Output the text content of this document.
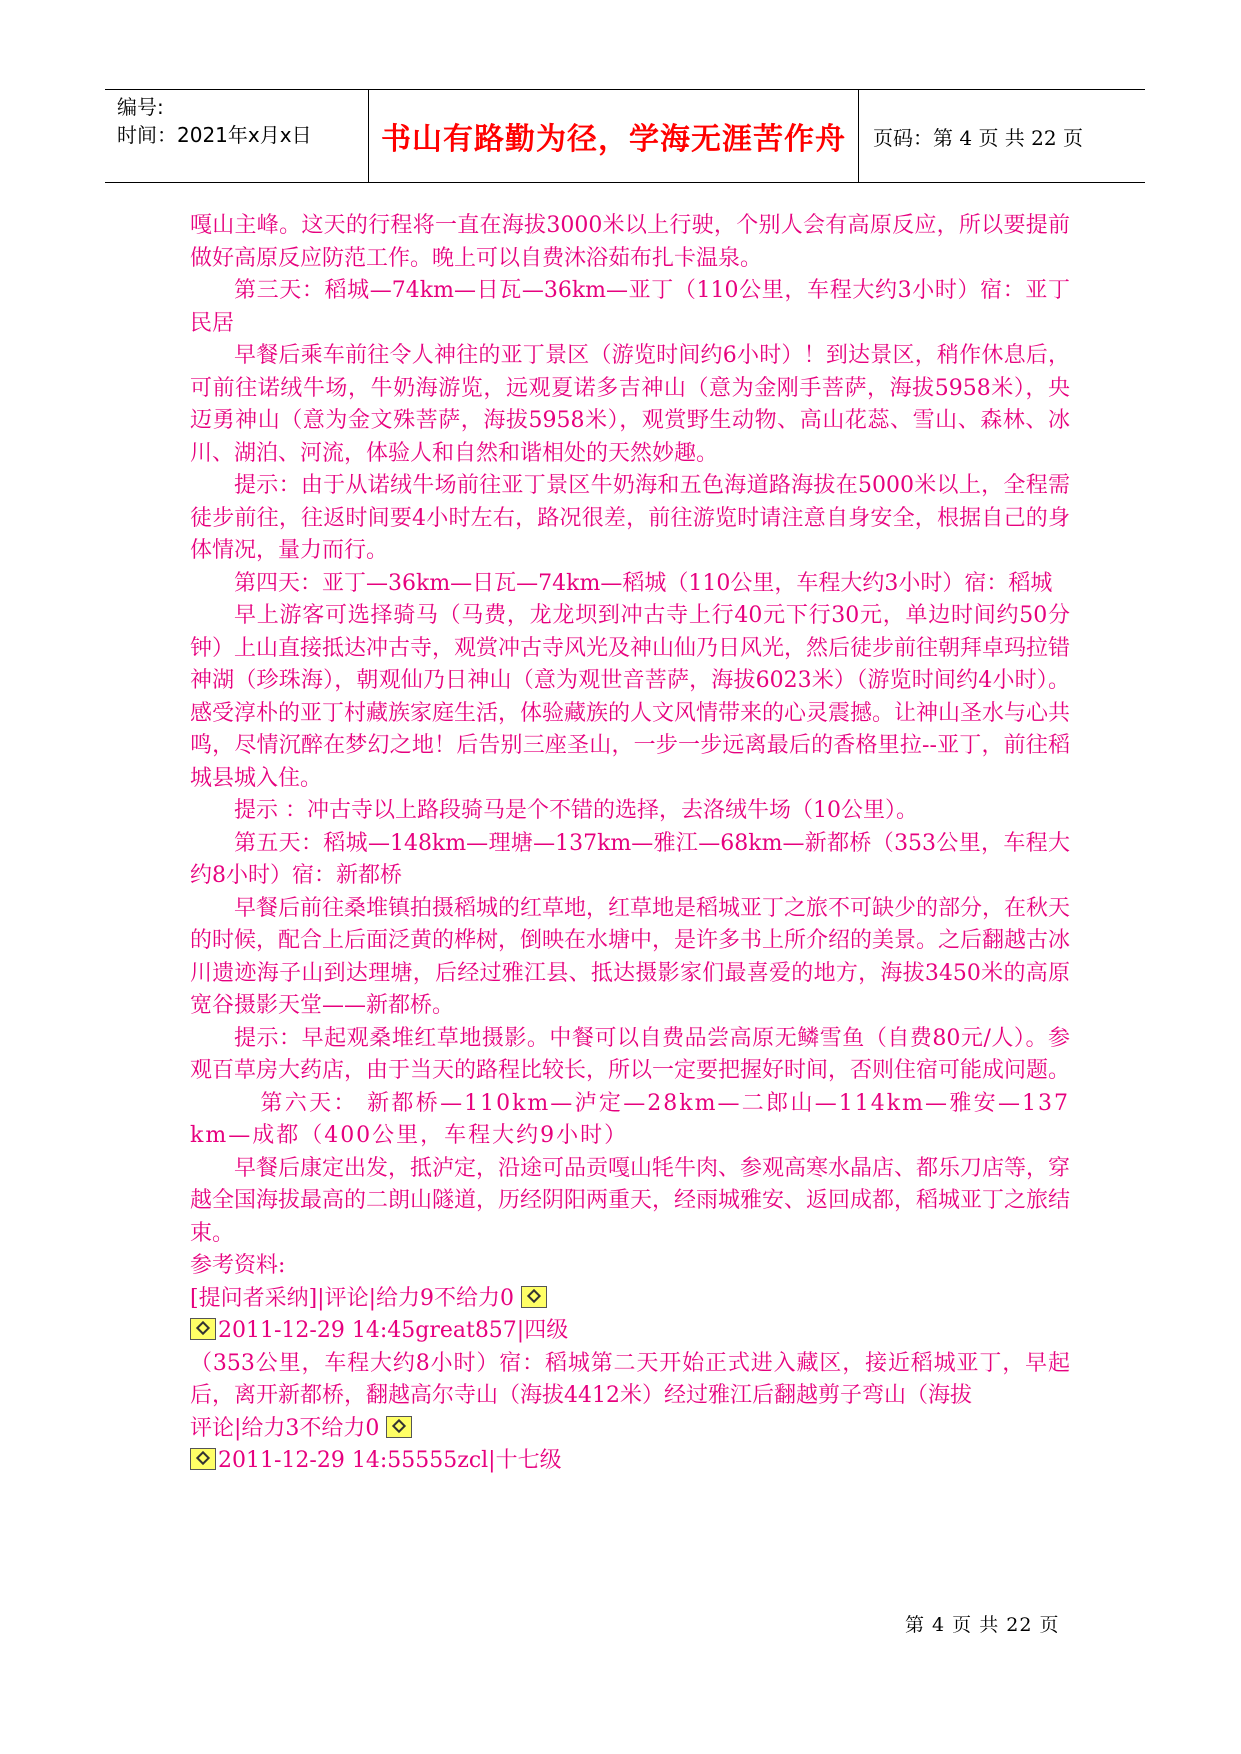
编号:
时间：2021年x月x日	书山有路勤为径，学海无涯苦作舟	页码：第 4 页 共 22 页

嘎山主峰。这天的行程将一直在海拔3000米以上行驶，个别人会有高原反应，所以要提前做好高原反应防范工作。晚上可以自费沐浴茹布扎卡温泉。

第三天：稻城—74km—日瓦—36km—亚丁（110公里，车程大约3小时）宿：亚丁民居

早餐后乘车前往令人神往的亚丁景区（游览时间约6小时）！到达景区，稍作休息后，可前往诺绒牛场，牛奶海游览，远观夏诺多吉神山（意为金刚手菩萨，海拔5958米），央迈勇神山（意为金文殊菩萨，海拔5958米），观赏野生动物、高山花蕊、雪山、森林、冰川、湖泊、河流，体验人和自然和谐相处的天然妙趣。

提示：由于从诺绒牛场前往亚丁景区牛奶海和五色海道路海拔在5000米以上，全程需徒步前往，往返时间要4小时左右，路况很差，前往游览时请注意自身安全，根据自己的身体情况，量力而行。

第四天：亚丁—36km—日瓦—74km—稻城（110公里，车程大约3小时）宿：稻城

早上游客可选择骑马（马费，龙龙坝到冲古寺上行40元下行30元，单边时间约50分钟）上山直接抵达冲古寺，观赏冲古寺风光及神山仙乃日风光，然后徒步前往朝拜卓玛拉错神湖（珍珠海），朝观仙乃日神山（意为观世音菩萨，海拔6023米）（游览时间约4小时）。感受淳朴的亚丁村藏族家庭生活，体验藏族的人文风情带来的心灵震撼。让神山圣水与心共鸣，尽情沉醉在梦幻之地！后告别三座圣山，一步一步远离最后的香格里拉--亚丁，前往稻城县城入住。

提示 ：冲古寺以上路段骑马是个不错的选择，去洛绒牛场（10公里）。

第五天：稻城—148km—理塘—137km—雅江—68km—新都桥（353公里，车程大约8小时）宿：新都桥

早餐后前往桑堆镇拍摄稻城的红草地，红草地是稻城亚丁之旅不可缺少的部分，在秋天的时候，配合上后面泛黄的桦树，倒映在水塘中，是许多书上所介绍的美景。之后翻越古冰川遗迹海子山到达理塘，后经过雅江县、抵达摄影家们最喜爱的地方，海拔3450米的高原宽谷摄影天堂——新都桥。

提示：早起观桑堆红草地摄影。中餐可以自费品尝高原无鳞雪鱼（自费80元/人）。参观百草房大药店，由于当天的路程比较长，所以一定要把握好时间，否则住宿可能成问题。

第六天： 新都桥—110km—泸定—28km—二郎山—114km—雅安—137km—成都（400公里，车程大约9小时）

早餐后康定出发，抵泸定，沿途可品贡嘎山牦牛肉、参观高寒水晶店、都乐刀店等，穿越全国海拔最高的二朗山隧道，历经阴阳两重天，经雨城雅安、返回成都，稻城亚丁之旅结束。

参考资料:

[提问者采纳]|评论|给力9不给力0

2011-12-29 14:45great857|四级

（353公里，车程大约8小时）宿：稻城第二天开始正式进入藏区，接近稻城亚丁，早起后，离开新都桥，翻越高尔寺山（海拔4412米）经过雅江后翻越剪子弯山（海拔

评论|给力3不给力0

2011-12-29 14:55555zcl|十七级

第 4 页 共 22 页
